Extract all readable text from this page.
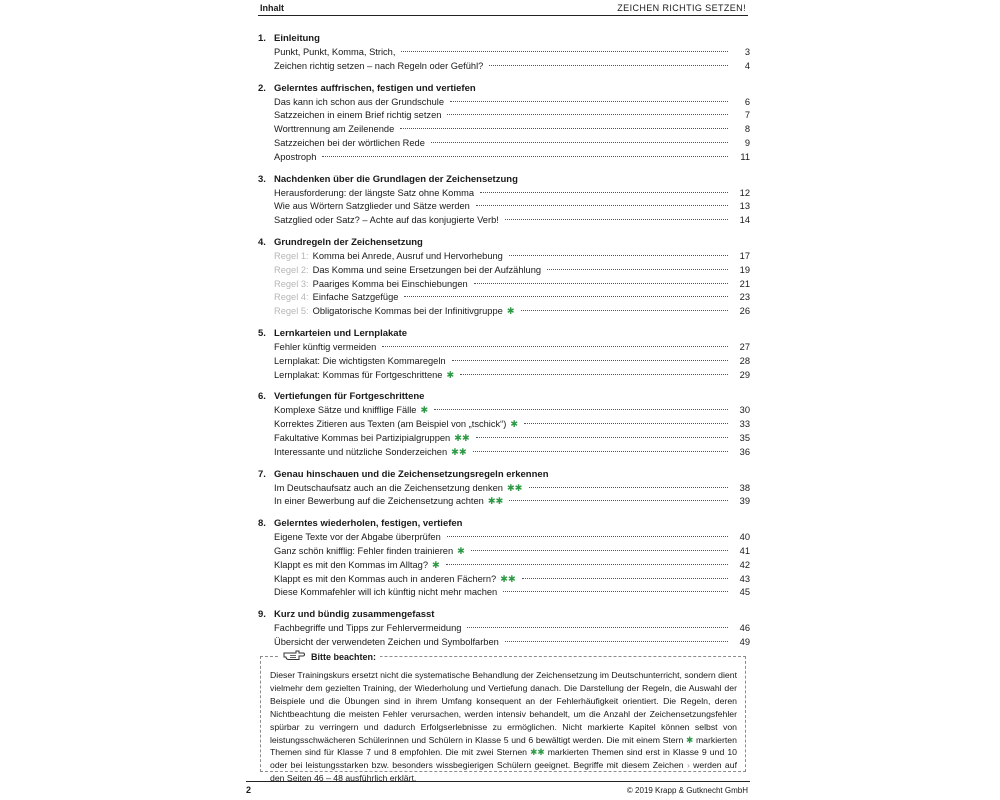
Inhalt	ZEICHEN RICHTIG SETZEN!
1. Einleitung
Punkt, Punkt, Komma, Strich,	3
Zeichen richtig setzen – nach Regeln oder Gefühl?	4
2. Gelerntes auffrischen, festigen und vertiefen
Das kann ich schon aus der Grundschule	6
Satzzeichen in einem Brief richtig setzen	7
Worttrennung am Zeilenende	8
Satzzeichen bei der wörtlichen Rede	9
Apostroph	11
3. Nachdenken über die Grundlagen der Zeichensetzung
Herausforderung: der längste Satz ohne Komma	12
Wie aus Wörtern Satzglieder und Sätze werden	13
Satzglied oder Satz? – Achte auf das konjugierte Verb!	14
4. Grundregeln der Zeichensetzung
Regel 1: Komma bei Anrede, Ausruf und Hervorhebung	17
Regel 2: Das Komma und seine Ersetzungen bei der Aufzählung	19
Regel 3: Paariges Komma bei Einschiebungen	21
Regel 4: Einfache Satzgefüge	23
Regel 5: Obligatorische Kommas bei der Infinitivgruppe ✱	26
5. Lernkarteien und Lernplakate
Fehler künftig vermeiden	27
Lernplakat: Die wichtigsten Kommaregeln	28
Lernplakat: Kommas für Fortgeschrittene ✱	29
6. Vertiefungen für Fortgeschrittene
Komplexe Sätze und knifflige Fälle ✱	30
Korrektes Zitieren aus Texten (am Beispiel von „tschick“) ✱	33
Fakultative Kommas bei Partizipialgruppen ✱✱	35
Interessante und nützliche Sonderzeichen ✱✱	36
7. Genau hinschauen und die Zeichensetzungsregeln erkennen
Im Deutschaufsatz auch an die Zeichensetzung denken ✱✱	38
In einer Bewerbung auf die Zeichensetzung achten ✱✱	39
8. Gelerntes wiederholen, festigen, vertiefen
Eigene Texte vor der Abgabe überprüfen	40
Ganz schön knifflig: Fehler finden trainieren ✱	41
Klappt es mit den Kommas im Alltag? ✱	42
Klappt es mit den Kommas auch in anderen Fächern? ✱✱	43
Diese Kommafehler will ich künftig nicht mehr machen	45
9. Kurz und bündig zusammengefasst
Fachbegriffe und Tipps zur Fehlervermeidung	46
Übersicht der verwendeten Zeichen und Symbolfarben	49
Bitte beachten:
Dieser Trainingskurs ersetzt nicht die systematische Behandlung der Zeichensetzung im Deutschunterricht, sondern dient vielmehr dem gezielten Training, der Wiederholung und Vertiefung danach. Die Darstellung der Regeln, die Auswahl der Beispiele und die Übungen sind in ihrem Umfang konsequent an der Fehlerhäufigkeit orientiert. Die Regeln, deren Nichtbeachtung die meisten Fehler verursachen, werden intensiv behandelt, um die Anzahl der Zeichensetzungsfehler spürbar zu verringern und dadurch Erfolgserlebnisse zu ermöglichen. Nicht markierte Kapitel können selbst von leistungsschwächeren Schülerinnen und Schülern in Klasse 5 und 6 bewältigt werden. Die mit einem Stern ✱ markierten Themen sind für Klasse 7 und 8 empfohlen. Die mit zwei Sternen ✱✱ markierten Themen sind erst in Klasse 9 und 10 oder bei leistungsstarken bzw. besonders wissbegierigen Schülern geeignet. Begriffe mit diesem Zeichen › werden auf den Seiten 46 – 48 ausführlich erklärt.
2	© 2019 Krapp & Gutknecht GmbH
